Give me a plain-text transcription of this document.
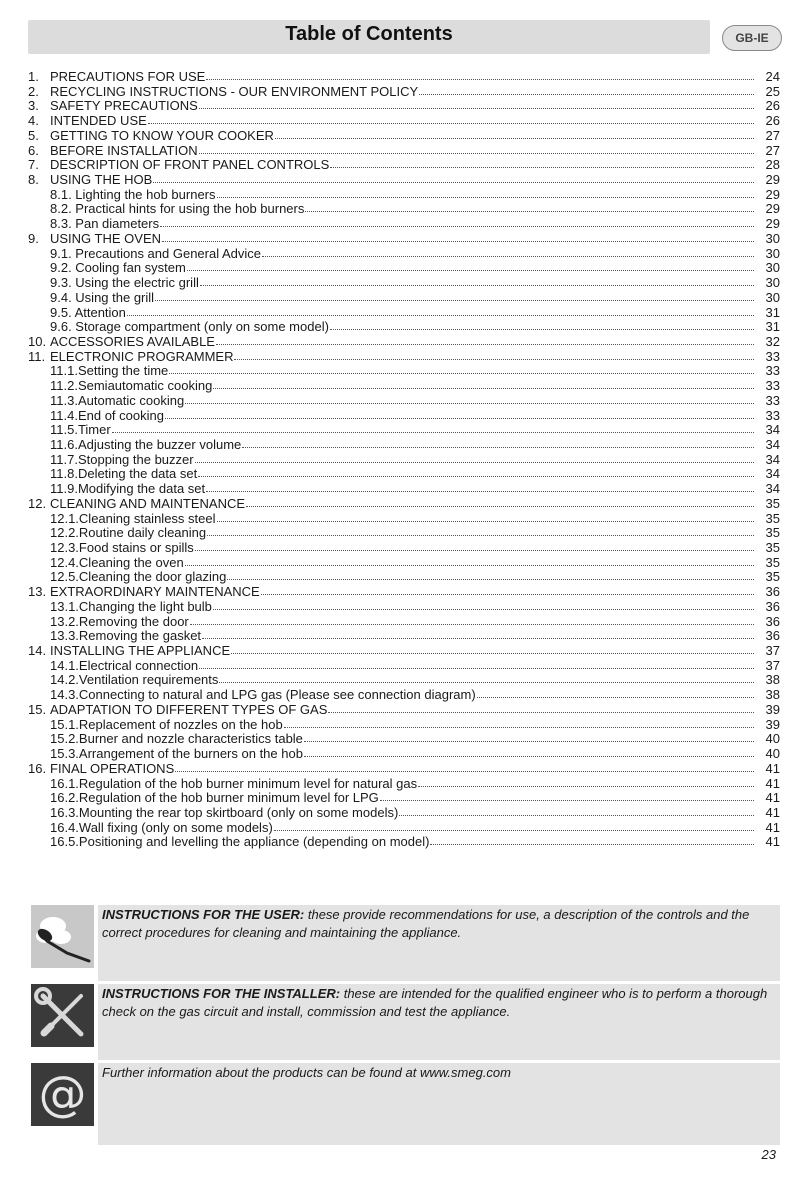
Table of Contents	GB-IE
1. PRECAUTIONS FOR USE	24
2. RECYCLING INSTRUCTIONS - OUR ENVIRONMENT POLICY	25
3. SAFETY PRECAUTIONS	26
4. INTENDED USE	26
5. GETTING TO KNOW YOUR COOKER	27
6. BEFORE INSTALLATION	27
7. DESCRIPTION OF FRONT PANEL CONTROLS	28
8. USING THE HOB	29
8.1. Lighting the hob burners	29
8.2. Practical hints for using the hob burners	29
8.3. Pan diameters	29
9. USING THE OVEN	30
9.1. Precautions and General Advice	30
9.2. Cooling fan system	30
9.3. Using the electric grill	30
9.4. Using the grill	30
9.5. Attention	31
9.6. Storage compartment (only on some model)	31
10. ACCESSORIES AVAILABLE	32
11. ELECTRONIC PROGRAMMER	33
11.1.Setting the time	33
11.2.Semiautomatic cooking	33
11.3.Automatic cooking	33
11.4.End of cooking	33
11.5.Timer	34
11.6.Adjusting the buzzer volume	34
11.7.Stopping the buzzer	34
11.8.Deleting the data set	34
11.9.Modifying the data set	34
12. CLEANING AND MAINTENANCE	35
12.1.Cleaning stainless steel	35
12.2.Routine daily cleaning	35
12.3.Food stains or spills	35
12.4.Cleaning the oven	35
12.5.Cleaning the door glazing	35
13. EXTRAORDINARY MAINTENANCE	36
13.1.Changing the light bulb	36
13.2.Removing the door	36
13.3.Removing the gasket	36
14. INSTALLING THE APPLIANCE	37
14.1.Electrical connection	37
14.2.Ventilation requirements	38
14.3.Connecting to natural and LPG gas (Please see connection diagram)	38
15. ADAPTATION TO DIFFERENT TYPES OF GAS	39
15.1.Replacement of nozzles on the hob	39
15.2.Burner and nozzle characteristics table	40
15.3.Arrangement of the burners on the hob	40
16. FINAL OPERATIONS	41
16.1.Regulation of the hob burner minimum level for natural gas	41
16.2.Regulation of the hob burner minimum level for LPG	41
16.3.Mounting the rear top skirtboard (only on some models)	41
16.4.Wall fixing (only on some models)	41
16.5.Positioning and levelling the appliance (depending on model)	41
INSTRUCTIONS FOR THE USER: these provide recommendations for use, a description of the controls and the correct procedures for cleaning and maintaining the appliance.
INSTRUCTIONS FOR THE INSTALLER: these are intended for the qualified engineer who is to perform a thorough check on the gas circuit and install, commission and test the appliance.
@ Further information about the products can be found at www.smeg.com
23
